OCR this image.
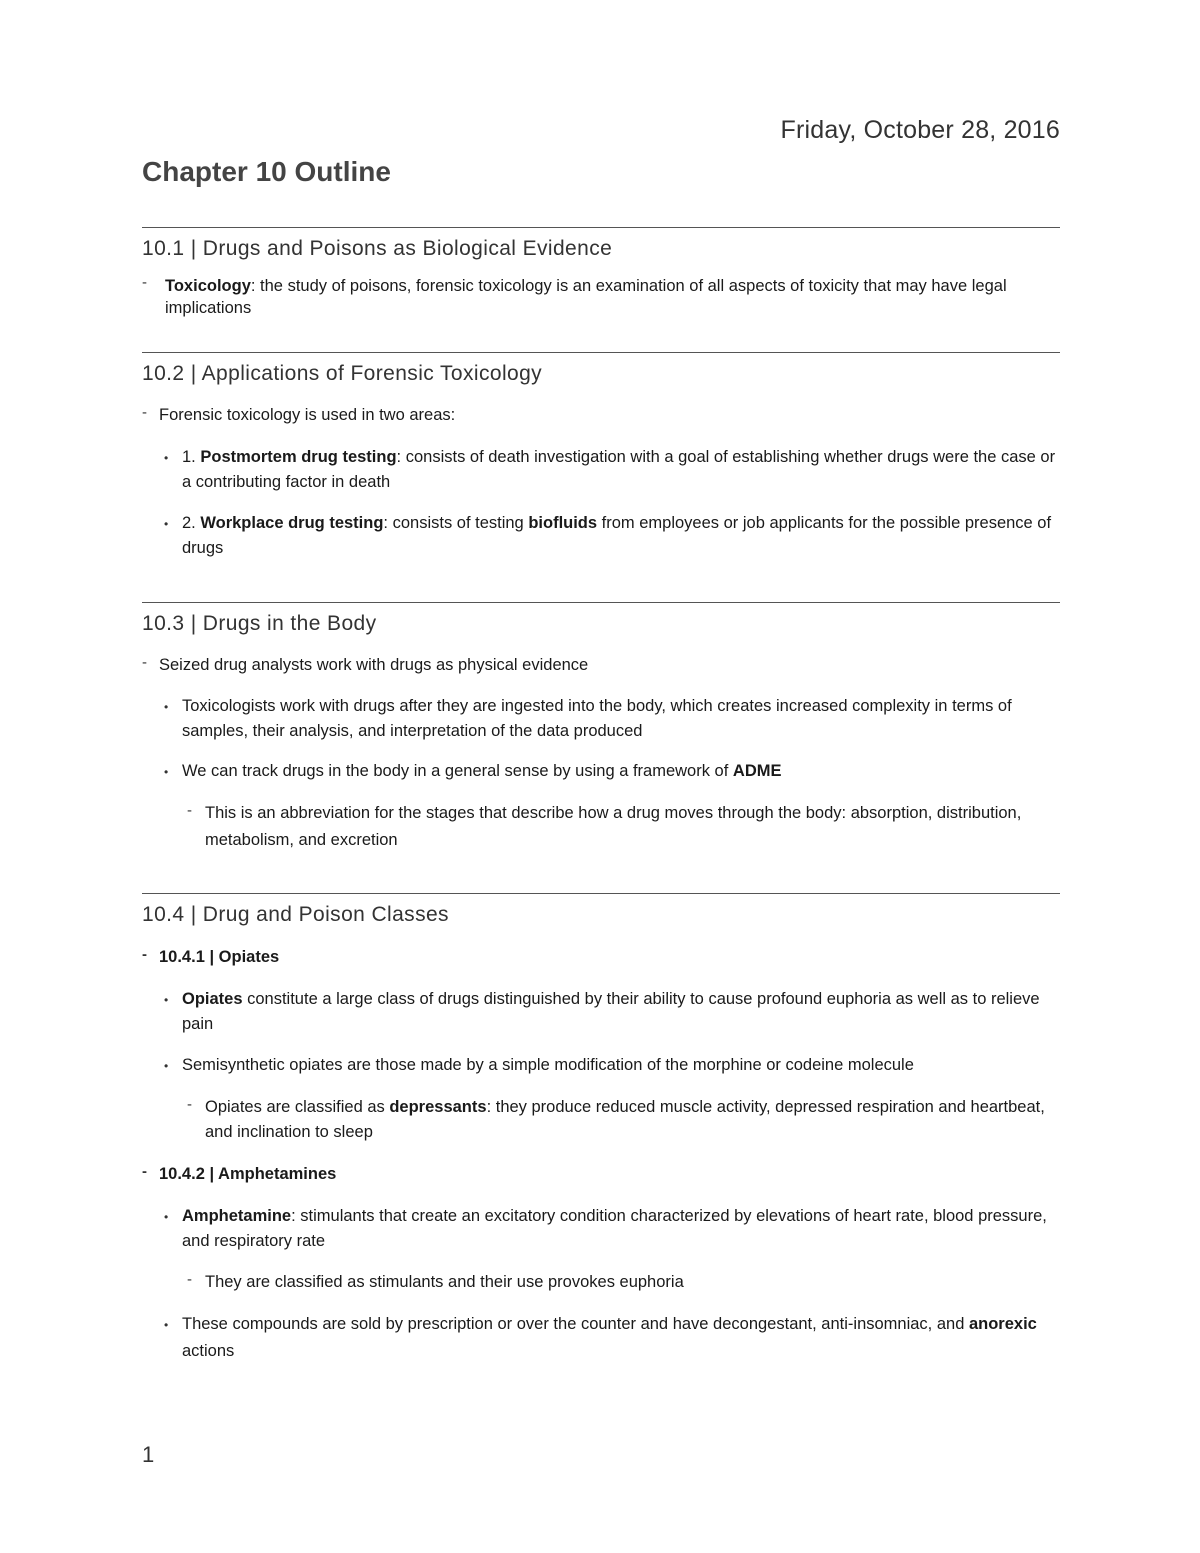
Friday, October 28, 2016
Chapter 10 Outline
10.1 | Drugs and Poisons as Biological Evidence
- Toxicology: the study of poisons, forensic toxicology is an examination of all aspects of toxicity that may have legal implications
10.2 | Applications of Forensic Toxicology
- Forensic toxicology is used in two areas:
• 1. Postmortem drug testing: consists of death investigation with a goal of establishing whether drugs were the case or a contributing factor in death
• 2. Workplace drug testing: consists of testing biofluids from employees or job applicants for the possible presence of drugs
10.3 | Drugs in the Body
- Seized drug analysts work with drugs as physical evidence
• Toxicologists work with drugs after they are ingested into the body, which creates increased complexity in terms of samples, their analysis, and interpretation of the data produced
• We can track drugs in the body in a general sense by using a framework of ADME
- This is an abbreviation for the stages that describe how a drug moves through the body: absorption, distribution, metabolism, and excretion
10.4 | Drug and Poison Classes
- 10.4.1 | Opiates
• Opiates constitute a large class of drugs distinguished by their ability to cause profound euphoria as well as to relieve pain
• Semisynthetic opiates are those made by a simple modification of the morphine or codeine molecule
- Opiates are classified as depressants: they produce reduced muscle activity, depressed respiration and heartbeat, and inclination to sleep
- 10.4.2 | Amphetamines
• Amphetamine: stimulants that create an excitatory condition characterized by elevations of heart rate, blood pressure, and respiratory rate
- They are classified as stimulants and their use provokes euphoria
• These compounds are sold by prescription or over the counter and have decongestant, anti-insomniac, and anorexic actions
1
